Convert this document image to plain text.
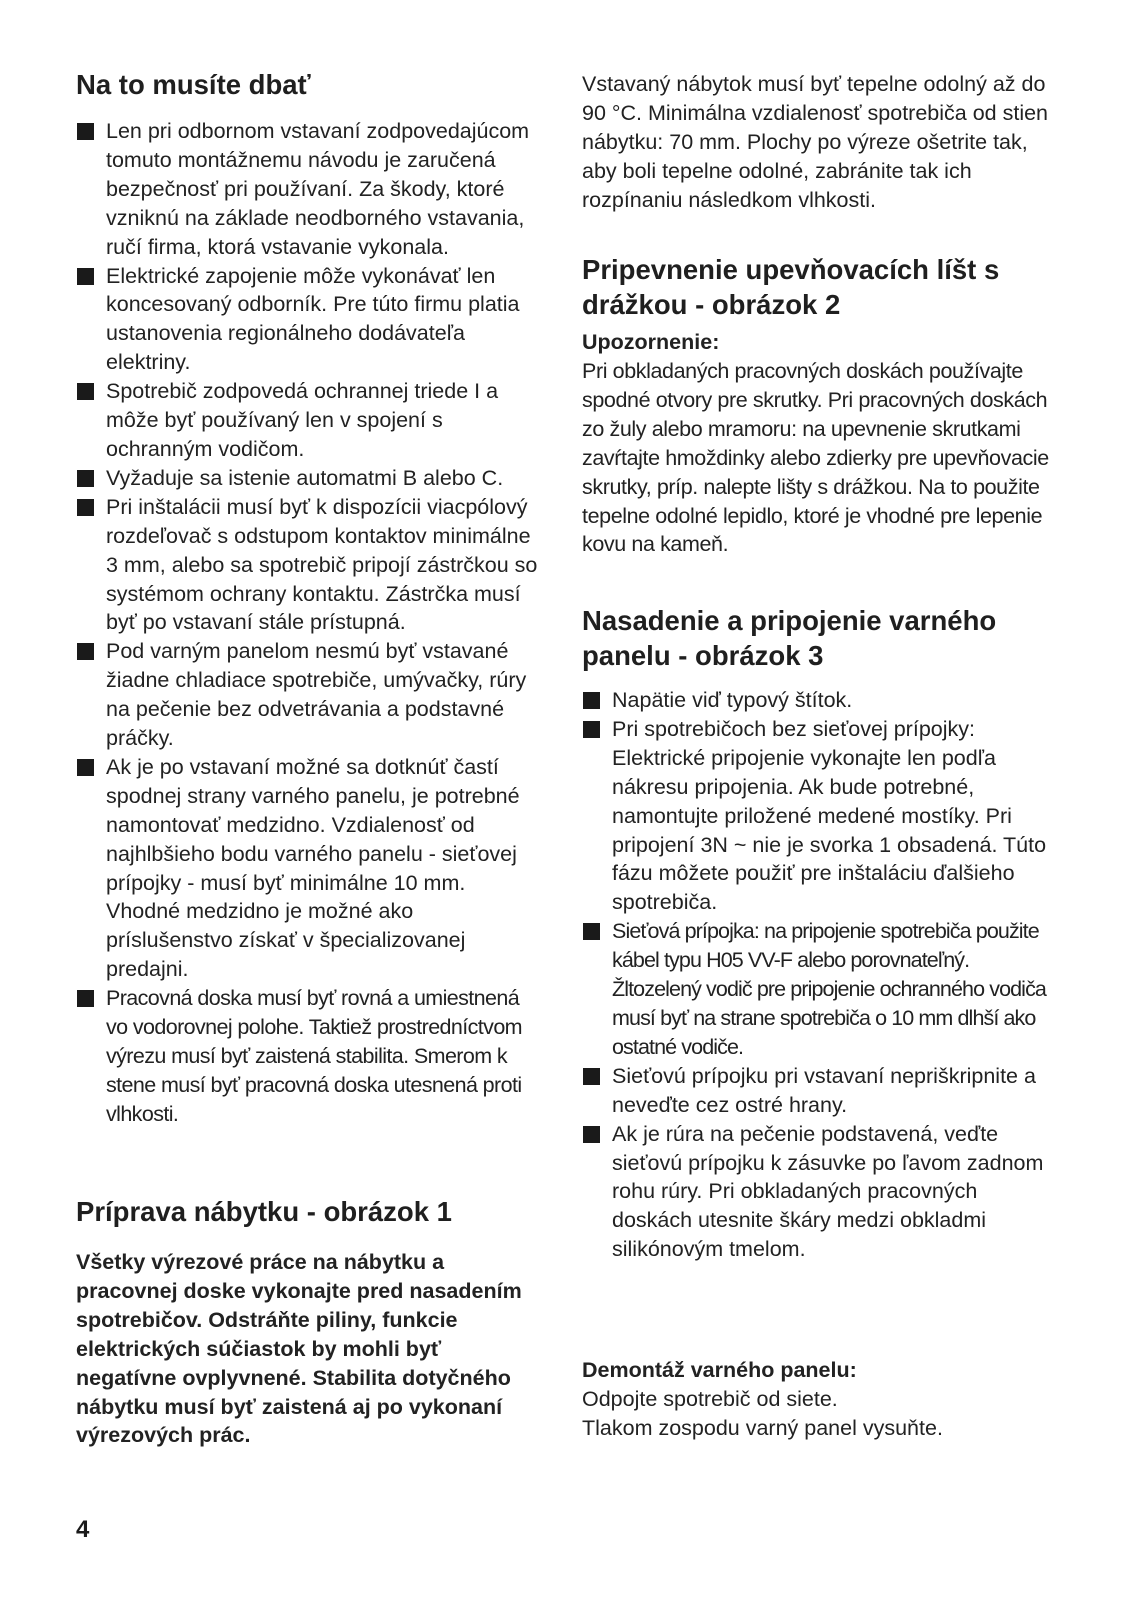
Na to musíte dbať
Len pri odbornom vstavaní zodpovedajúcom tomuto montážnemu návodu je zaručená bezpečnosť pri používaní. Za škody, ktoré vzniknú na základe neodborného vstavania, ručí firma, ktorá vstavanie vykonala.
Elektrické zapojenie môže vykonávať len koncesovaný odborník. Pre túto firmu platia ustanovenia regionálneho dodávateľa elektriny.
Spotrebič zodpovedá ochrannej triede I a môže byť používaný len v spojení s ochranným vodičom.
Vyžaduje sa istenie automatmi B alebo C.
Pri inštalácii musí byť k dispozícii viacpólový rozdeľovač s odstupom kontaktov minimálne 3 mm, alebo sa spotrebič pripojí zástrčkou so systémom ochrany kontaktu. Zástrčka musí byť po vstavaní stále prístupná.
Pod varným panelom nesmú byť vstavané žiadne chladiace spotrebiče, umývačky, rúry na pečenie bez odvetrávania a podstavné práčky.
Ak je po vstavaní možné sa dotknúť častí spodnej strany varného panelu, je potrebné namontovať medzidno. Vzdialenosť od najhlbšieho bodu varného panelu - sieťovej prípojky - musí byť minimálne 10 mm. Vhodné medzidno je možné ako príslušenstvo získať v špecializovanej predajni.
Pracovná doska musí byť rovná a umiestnená vo vodorovnej polohe. Taktiež prostredníctvom výrezu musí byť zaistená stabilita. Smerom k stene musí byť pracovná doska utesnená proti vlhkosti.
Príprava nábytku - obrázok 1

Všetky výrezové práce na nábytku a pracovnej doske vykonajte pred nasadením spotrebičov. Odstráňte piliny, funkcie elektrických súčiastok by mohli byť negatívne ovplyvnené. Stabilita dotyčného nábytku musí byť zaistená aj po vykonaní výrezových prác.

Vstavaný nábytok musí byť tepelne odolný až do 90 °C. Minimálna vzdialenosť spotrebiča od stien nábytku: 70 mm. Plochy po výreze ošetrite tak, aby boli tepelne odolné, zabránite tak ich rozpínaniu následkom vlhkosti.

Pripevnenie upevňovacích líšt s drážkou - obrázok 2

Upozornenie:

Pri obkladaných pracovných doskách používajte spodné otvory pre skrutky. Pri pracovných doskách zo žuly alebo mramoru: na upevnenie skrutkami zavŕtajte hmoždinky alebo zdierky pre upevňovacie skrutky, príp. nalepte lišty s drážkou. Na to použite tepelne odolné lepidlo, ktoré je vhodné pre lepenie kovu na kameň.

Nasadenie a pripojenie varného panelu - obrázok 3
Napätie viď typový štítok.
Pri spotrebičoch bez sieťovej prípojky: Elektrické pripojenie vykonajte len podľa nákresu pripojenia. Ak bude potrebné, namontujte priložené medené mostíky. Pri pripojení 3N ~ nie je svorka 1 obsadená. Túto fázu môžete použiť pre inštaláciu ďalšieho spotrebiča.
Sieťová prípojka: na pripojenie spotrebiča použite kábel typu H05 VV-F alebo porovnateľný. Žltozelený vodič pre pripojenie ochranného vodiča musí byť na strane spotrebiča o 10 mm dlhší ako ostatné vodiče.
Sieťovú prípojku pri vstavaní nepriškripnite a neveďte cez ostré hrany.
Ak je rúra na pečenie podstavená, veďte sieťovú prípojku k zásuvke po ľavom zadnom rohu rúry. Pri obkladaných pracovných doskách utesnite škáry medzi obkladmi silikónovým tmelom.

Demontáž varného panelu:

Odpojte spotrebič od siete.

Tlakom zospodu varný panel vysuňte.

4
